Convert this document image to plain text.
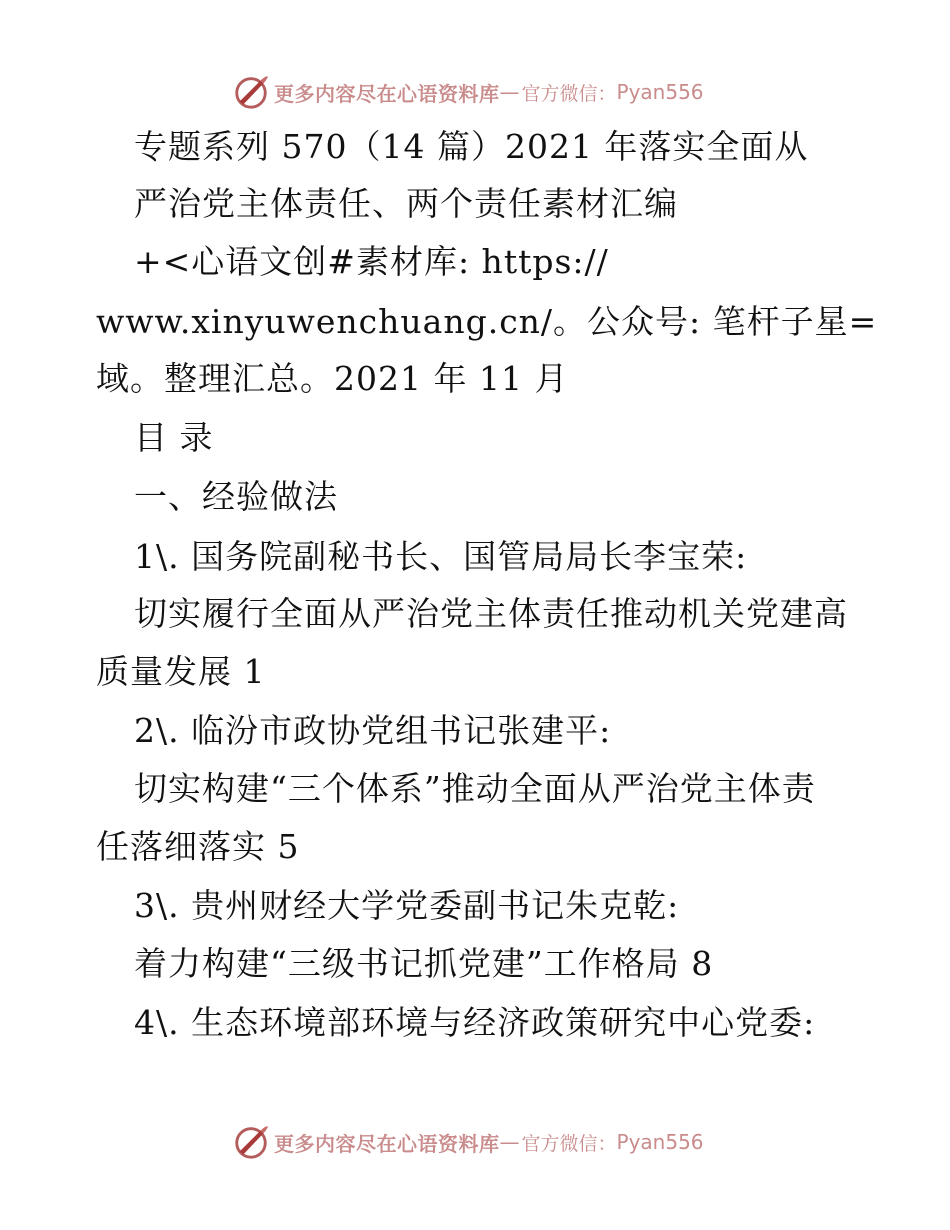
更多内容尽在心语资料库 — 官方微信： Pyan556
专题系列 570（14 篇）2021 年落实全面从
严治党主体责任、两个责任素材汇编
+<心语文创#素材库: https://
www.xinyuwenchuang.cn/。公众号: 笔杆子星=
域。整理汇总。2021 年 11 月
目 录
一、经验做法
1\. 国务院副秘书长、国管局局长李宝荣:
切实履行全面从严治党主体责任推动机关党建高
质量发展 1
2\. 临汾市政协党组书记张建平:
切实构建“三个体系”推动全面从严治党主体责
任落细落实 5
3\. 贵州财经大学党委副书记朱克乾:
着力构建“三级书记抓党建”工作格局 8
4\. 生态环境部环境与经济政策研究中心党委:
更多内容尽在心语资料库 — 官方微信： Pyan556
